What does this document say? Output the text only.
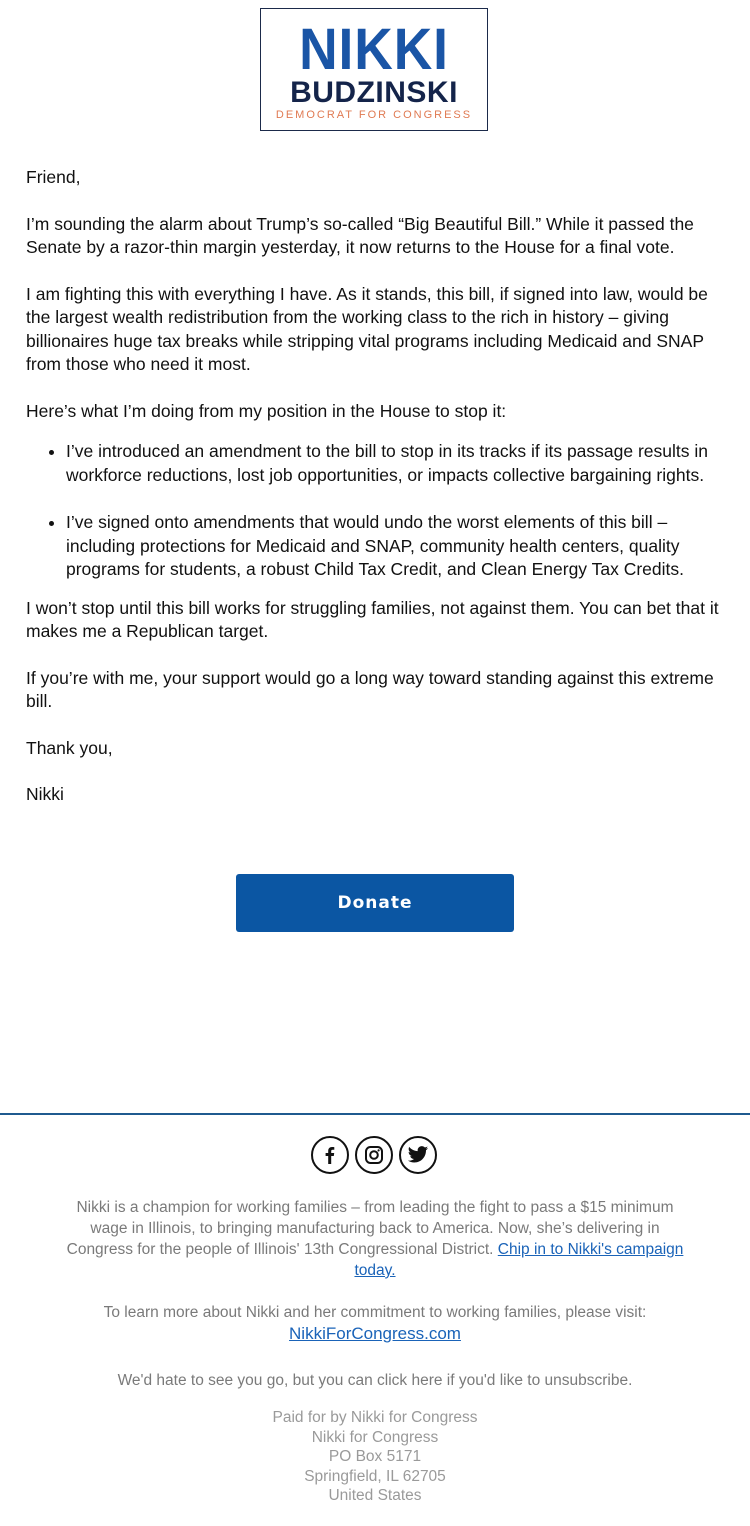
NIKKI
BUDZINSKI
DEMOCRAT FOR CONGRESS

Friend,

I’m sounding the alarm about Trump’s so-called “Big Beautiful Bill.” While it passed the Senate by a razor-thin margin yesterday, it now returns to the House for a final vote.

I am fighting this with everything I have. As it stands, this bill, if signed into law, would be the largest wealth redistribution from the working class to the rich in history – giving billionaires huge tax breaks while stripping vital programs including Medicaid and SNAP from those who need it most.

Here’s what I’m doing from my position in the House to stop it:

• I’ve introduced an amendment to the bill to stop in its tracks if its passage results in workforce reductions, lost job opportunities, or impacts collective bargaining rights.
• I’ve signed onto amendments that would undo the worst elements of this bill – including protections for Medicaid and SNAP, community health centers, quality programs for students, a robust Child Tax Credit, and Clean Energy Tax Credits.

I won’t stop until this bill works for struggling families, not against them. You can bet that it makes me a Republican target.

If you’re with me, your support would go a long way toward standing against this extreme bill.

Thank you,

Nikki

Donate
Nikki is a champion for working families – from leading the fight to pass a $15 minimum wage in Illinois, to bringing manufacturing back to America. Now, she’s delivering in Congress for the people of Illinois' 13th Congressional District. Chip in to Nikki's campaign today.
To learn more about Nikki and her commitment to working families, please visit:
NikkiForCongress.com
We'd hate to see you go, but you can click here if you'd like to unsubscribe.
Paid for by Nikki for Congress
Nikki for Congress
PO Box 5171
Springfield, IL 62705
United States
